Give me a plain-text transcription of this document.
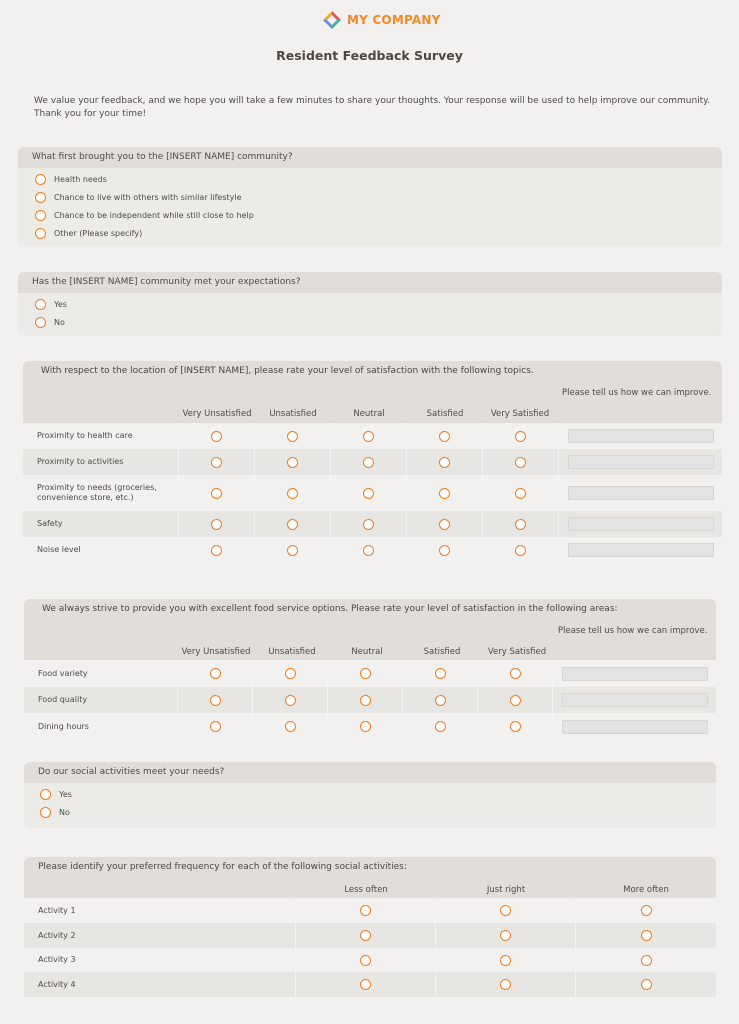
MY COMPANY
Resident Feedback Survey
We value your feedback, and we hope you will take a few minutes to share your thoughts. Your response will be used to help improve our community. Thank you for your time!
What first brought you to the [INSERT NAME] community?
Health needs
Chance to live with others with similar lifestyle
Chance to be independent while still close to help
Other (Please specify)
Has the [INSERT NAME] community met your expectations?
Yes
No
With respect to the location of [INSERT NAME], please rate your level of satisfaction with the following topics.
Please tell us how we can improve.
Very Unsatisfied	Unsatisfied	Neutral	Satisfied	Very Satisfied
Proximity to health care
Proximity to activities
Proximity to needs (groceries, convenience store, etc.)
Safety
Noise level
We always strive to provide you with excellent food service options. Please rate your level of satisfaction in the following areas:
Please tell us how we can improve.
Very Unsatisfied	Unsatisfied	Neutral	Satisfied	Very Satisfied
Food variety
Food quality
Dining hours
Do our social activities meet your needs?
Yes
No
Please identify your preferred frequency for each of the following social activities:
Less often	Just right	More often
Activity 1
Activity 2
Activity 3
Activity 4
